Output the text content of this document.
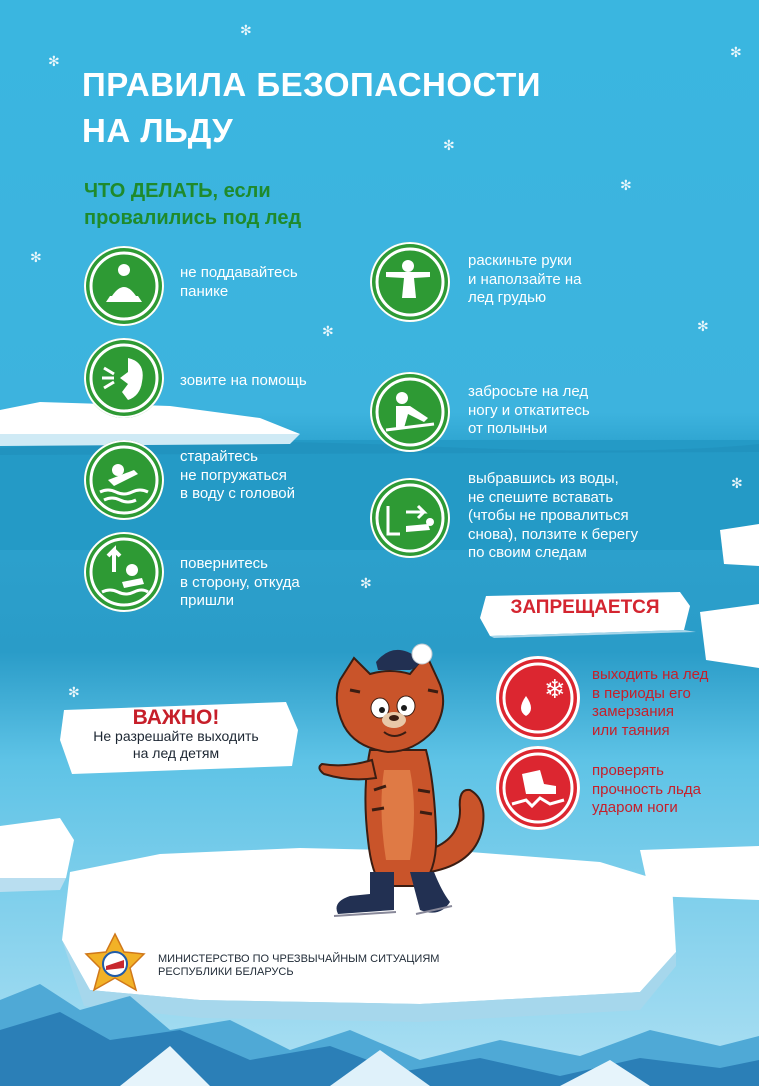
✻
✻
✻
✻
✻
✻
✻	✻
✻
✻
✻
ПРАВИЛА БЕЗОПАСНОСТИ
НА ЛЬДУ
ЧТО ДЕЛАТЬ, если
провалились под лед
не поддавайтесь
панике
зовите на помощь
старайтесь
не погружаться
в воду с головой
повернитесь
в сторону, откуда
пришли
раскиньте руки
и наползайте на
лед грудью
забросьте на лед
ногу и откатитесь
от полыньи
выбравшись из воды,
не спешите вставать
(чтобы не провалиться
снова), ползите к берегу
по своим следам
ЗАПРЕЩАЕТСЯ
❄
выходить на лед
в периоды его
замерзания
или таяния
проверять
прочность льда
ударом ноги
ВАЖНО!
Не разрешайте выходить
на лед детям
МИНИСТЕРСТВО ПО ЧРЕЗВЫЧАЙНЫМ СИТУАЦИЯМ
РЕСПУБЛИКИ БЕЛАРУСЬ
